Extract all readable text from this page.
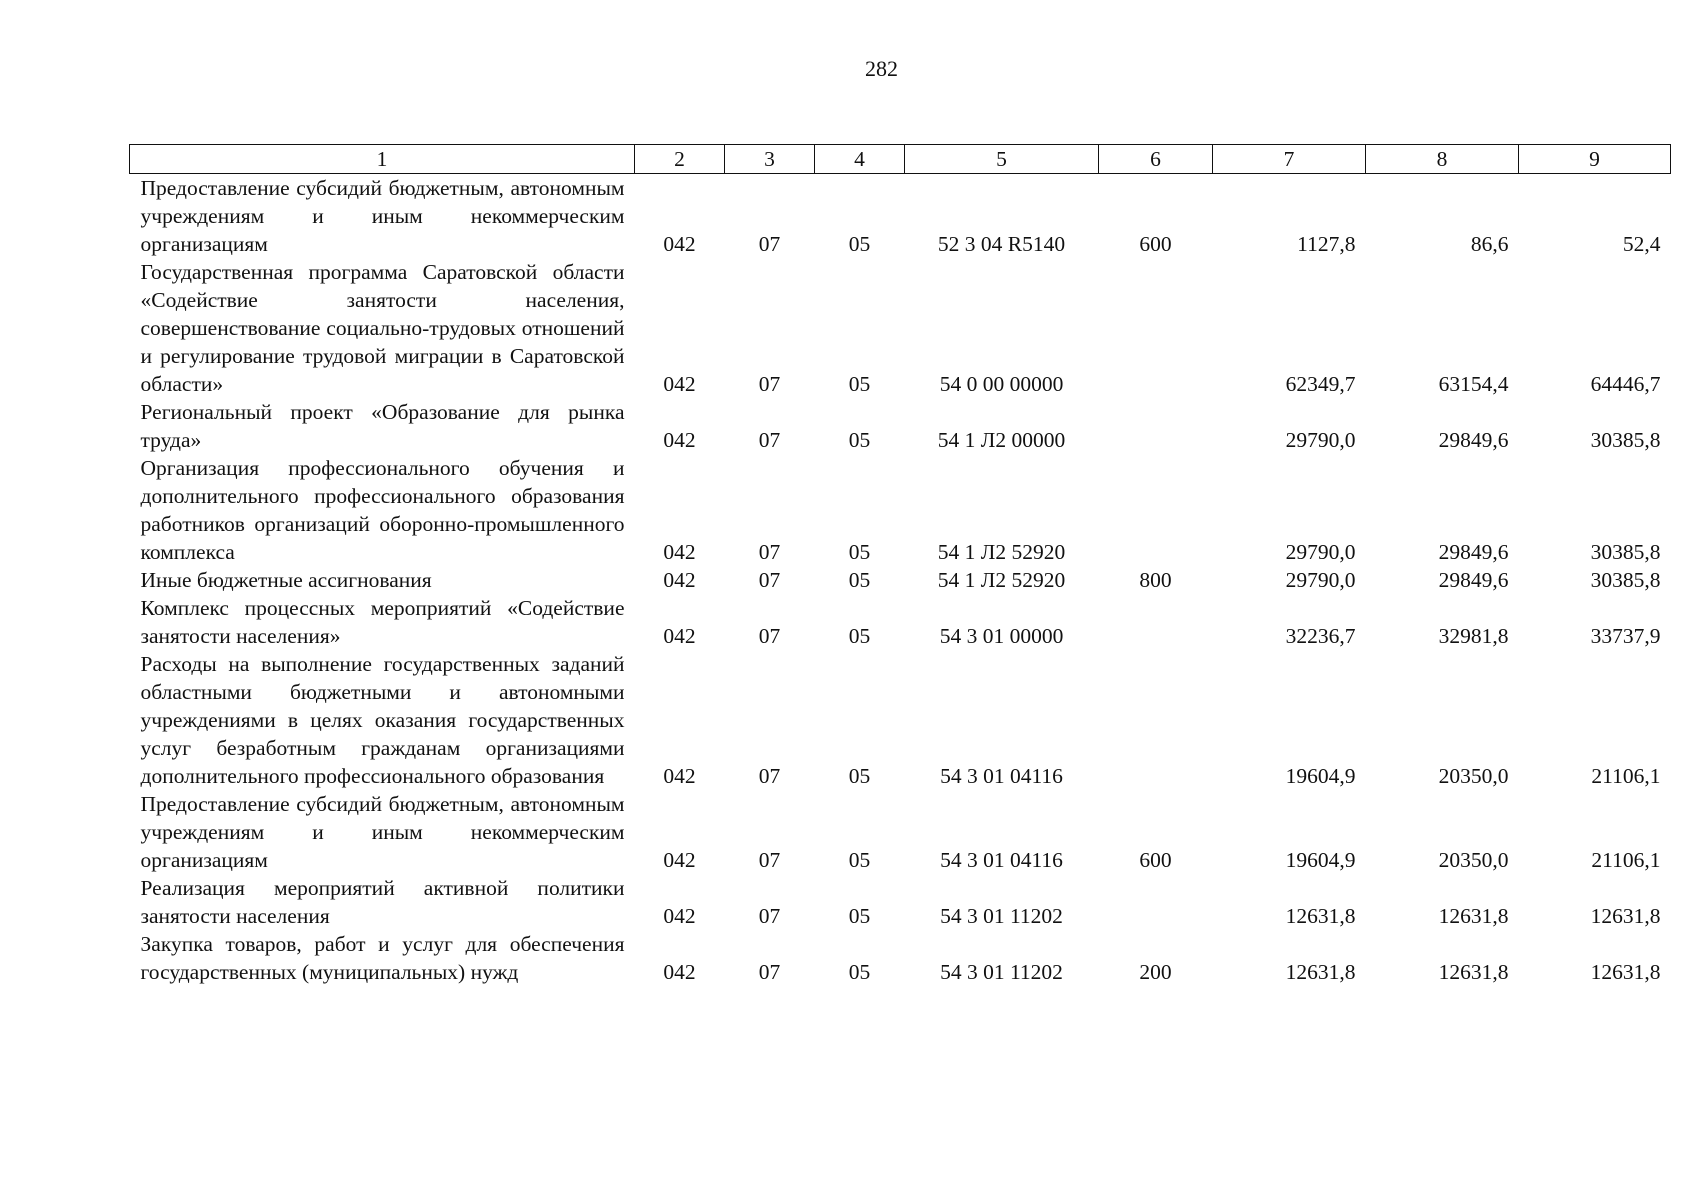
282
1	2	3	4	5	6	7	8	9
Предоставление субсидий бюджетным, автономным учреждениям и иным некоммерческим организациям	042	07	05	52 3 04 R5140	600	1127,8	86,6	52,4
Государственная программа Саратовской области «Содействие занятости населения, совершенствование социально-трудовых отношений и регулирование трудовой миграции в Саратовской области»	042	07	05	54 0 00 00000		62349,7	63154,4	64446,7
Региональный проект «Образование для рынка труда»	042	07	05	54 1 Л2 00000		29790,0	29849,6	30385,8
Организация профессионального обучения и дополнительного профессионального образования работников организаций оборонно-промышленного комплекса	042	07	05	54 1 Л2 52920		29790,0	29849,6	30385,8
Иные бюджетные ассигнования	042	07	05	54 1 Л2 52920	800	29790,0	29849,6	30385,8
Комплекс процессных мероприятий «Содействие занятости населения»	042	07	05	54 3 01 00000		32236,7	32981,8	33737,9
Расходы на выполнение государственных заданий областными бюджетными и автономными учреждениями в целях оказания государственных услуг безработным гражданам организациями дополнительного профессионального образования	042	07	05	54 3 01 04116		19604,9	20350,0	21106,1
Предоставление субсидий бюджетным, автономным учреждениям и иным некоммерческим организациям	042	07	05	54 3 01 04116	600	19604,9	20350,0	21106,1
Реализация мероприятий активной политики занятости населения	042	07	05	54 3 01 11202		12631,8	12631,8	12631,8
Закупка товаров, работ и услуг для обеспечения государственных (муниципальных) нужд	042	07	05	54 3 01 11202	200	12631,8	12631,8	12631,8
